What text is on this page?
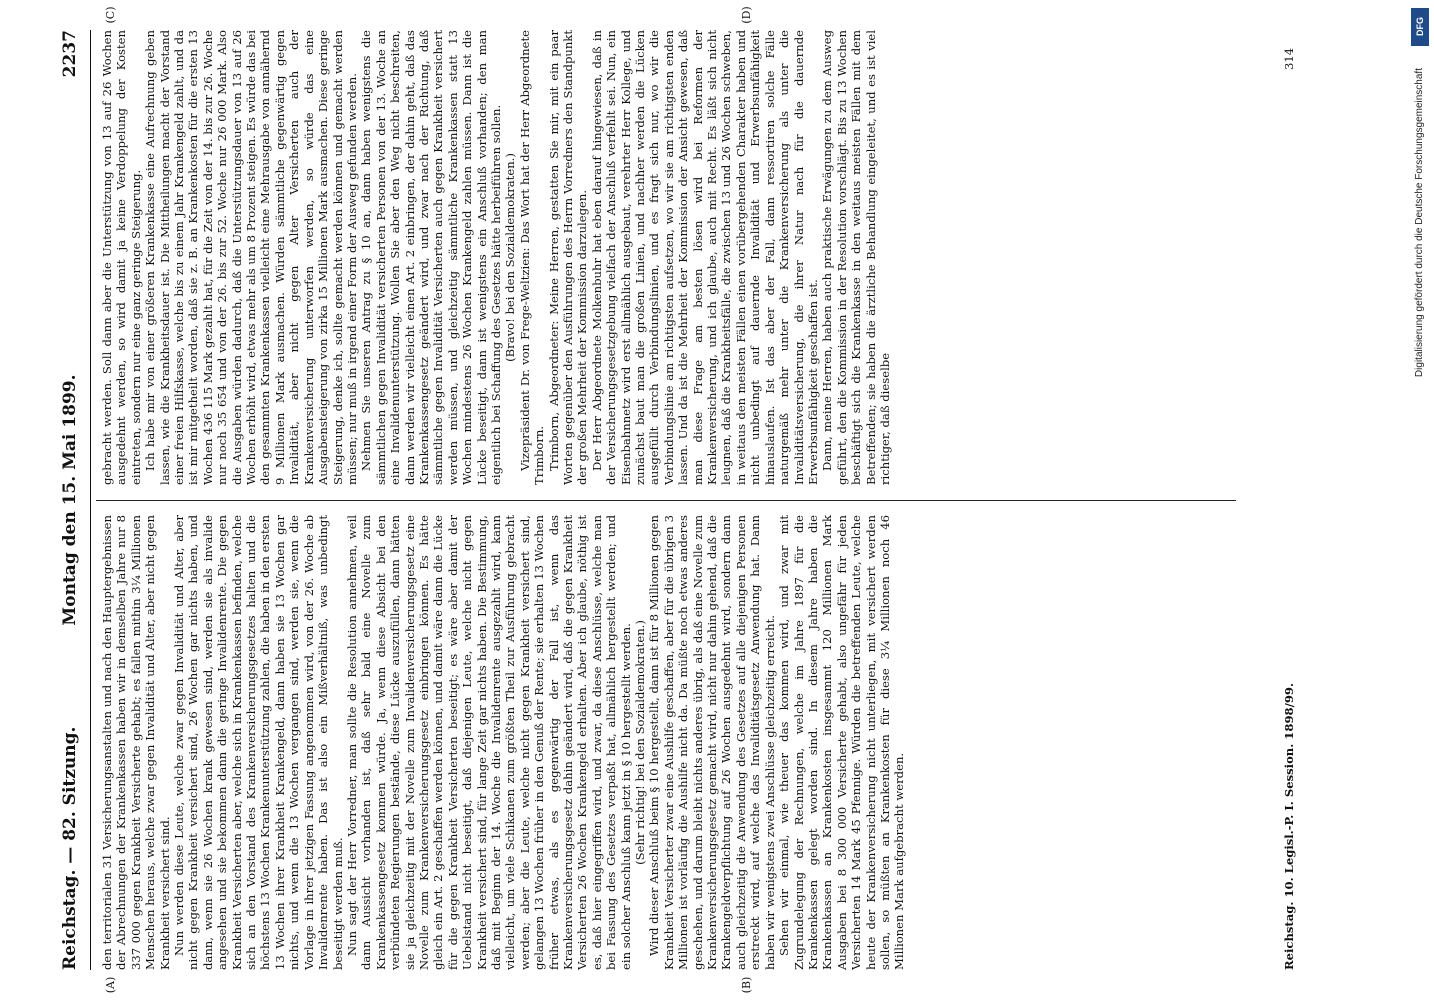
Reichstag. — 82. Sitzung.
Montag den 15. Mai 1899.
2237
(A)	(B)
(C)	(D)

den territorialen 31 Versicherungsanstalten und nach den Hauptergebnissen der Abrechnungen der Krankenkassen haben wir in demselben Jahre nur 8 337 000 gegen Krankheit Versicherte gehabt; es fallen mithin 3¼ Millionen Menschen heraus, welche zwar gegen Invalidität und Alter, aber nicht gegen Krankheit versichert sind. Nun werden diese Leute, welche zwar gegen Invalidität und Alter, aber nicht gegen Krankheit versichert sind, 26 Wochen gar nichts haben, und dann, wenn sie 26 Wochen krank gewesen sind, werden sie als invalide angesehen und sie bekommen dann die geringe Invalidenrente. Die gegen Krankheit Versicherten aber, welche sich in Krankenkassen befinden, welche sich an den Vorstand des Krankenversicherungsgesetzes halten und die höchstens 13 Wochen Krankenunterstützung zahlen, die haben in den ersten 13 Wochen ihrer Krankheit Krankengeld, dann haben sie 13 Wochen gar nichts, und wenn die 13 Wochen vergangen sind, werden sie, wenn die Vorlage in ihrer jetzigen Fassung angenommen wird, von der 26. Woche ab Invalidenrente haben. Das ist also ein Mißverhältniß, was unbedingt beseitigt werden muß. Nun sagt der Herr Vorredner, man sollte die Resolution annehmen, weil dann Aussicht vorhanden ist, daß sehr bald eine Novelle zum Krankenkassengesetz kommen würde. Ja, wenn diese Absicht bei den verbündeten Regierungen bestände, diese Lücke auszufüllen, dann hätten sie ja gleichzeitig mit der Novelle zum Invalidenversicherungsgesetz eine Novelle zum Krankenversicherungsgesetz einbringen können. Es hätte gleich ein Art. 2 geschaffen werden können, und damit wäre dann die Lücke für die gegen Krankheit Versicherten beseitigt; es wäre aber damit der Uebelstand nicht beseitigt, daß diejenigen Leute, welche nicht gegen Krankheit versichert sind, für lange Zeit gar nichts haben. Die Bestimmung, daß mit Beginn der 14. Woche die Invalidenrente ausgezahlt wird, kann vielleicht, um viele Schikanen zum größten Theil zur Ausführung gebracht werden; aber die Leute, welche nicht gegen Krankheit versichert sind, gelangen 13 Wochen früher in den Genuß der Rente; sie erhalten 13 Wochen früher etwas, als es gegenwärtig der Fall ist, wenn das Krankenversicherungsgesetz dahin geändert wird, daß die gegen Krankheit Versicherten 26 Wochen Krankengeld erhalten. Aber ich glaube, nöthig ist es, daß hier eingegriffen wird, und zwar, da diese Anschlüsse, welche man bei Fassung des Gesetzes verpaßt hat, allmählich hergestellt werden; und ein solcher Anschluß kann jetzt in § 10 hergestellt werden. (Sehr richtig! bei den Sozialdemokraten.) Wird dieser Anschluß beim § 10 hergestellt, dann ist für 8 Millionen gegen Krankheit Versicherter zwar eine Aushilfe geschaffen, aber für die übrigen 3 Millionen ist vorläufig die Aushilfe nicht da. Da müßte noch etwas anderes geschehen, und darum bleibt nichts anderes übrig, als daß eine Novelle zum Krankenversicherungsgesetz gemacht wird, nicht nur dahin gehend, daß die Krankengeldverpflichtung auf 26 Wochen ausgedehnt wird, sondern dann auch gleichzeitig die Anwendung des Gesetzes auf alle diejenigen Personen erstreckt wird, auf welche das Invaliditätsgesetz Anwendung hat. Dann haben wir wenigstens zwei Anschlüsse gleichzeitig erreicht. Sehen wir einmal, wie theuer das kommen wird, und zwar mit Zugrundelegung der Rechnungen, welche im Jahre 1897 für die Krankenkassen gelegt worden sind. In diesem Jahre haben die Krankenkassen an Krankenkosten insgesammt 120 Millionen Mark Ausgaben bei 8 300 000 Versicherte gehabt, also ungefähr für jeden Versicherten 14 Mark 45 Pfennige. Würden die betreffenden Leute, welche heute der Krankenversicherung nicht unterliegen, mit versichert werden sollen, so müßten an Krankenkosten für diese 3¼ Millionen noch 46 Millionen Mark aufgebracht werden.

gebracht werden. Soll dann aber die Unterstützung von 13 auf 26 Wochen ausgedehnt werden, so wird damit ja keine Verdoppelung der Kosten eintreten, sondern nur eine ganz geringe Steigerung. Ich habe mir von einer größeren Krankenkasse eine Aufrechnung geben lassen, wie die Krankheitsdauer ist. Die Mittheilungen macht der Vorstand einer freien Hilfskasse, welche bis zu einem Jahr Krankengeld zahlt, und da ist mir mitgetheilt worden, daß sie z. B. an Krankenkosten für die ersten 13 Wochen 436 115 Mark gezahlt hat, für die Zeit von der 14. bis zur 26. Woche nur noch 35 654 und von der 26. bis zur 52. Woche nur 26 000 Mark. Also die Ausgaben würden dadurch, daß die Unterstützungsdauer von 13 auf 26 Wochen erhöht wird, etwas mehr als um 8 Prozent steigen. Es würde das bei den gesammten Krankenkassen vielleicht eine Mehrausgabe von annähernd 9 Millionen Mark ausmachen. Würden sämmtliche gegenwärtig gegen Invalidität, aber nicht gegen Alter Versicherten auch der Krankenversicherung unterworfen werden, so würde das eine Ausgabensteigerung von zirka 15 Millionen Mark ausmachen. Diese geringe Steigerung, denke ich, sollte gemacht werden können und gemacht werden müssen; nur muß in irgend einer Form der Ausweg gefunden werden. Nehmen Sie unseren Antrag zu § 10 an, dann haben wenigstens die sämmtlichen gegen Invalidität versicherten Personen von der 13. Woche an eine Invalidenunterstützung. Wollen Sie aber den Weg nicht beschreiten, dann werden wir vielleicht einen Art. 2 einbringen, der dahin geht, daß das Krankenkassengesetz geändert wird, und zwar nach der Richtung, daß sämmtliche gegen Invalidität Versicherten auch gegen Krankheit versichert werden müssen, und gleichzeitig sämmtliche Krankenkassen statt 13 Wochen mindestens 26 Wochen Krankengeld zahlen müssen. Dann ist die Lücke beseitigt, dann ist wenigstens ein Anschluß vorhanden; den man eigentlich bei Schaffung des Gesetzes hätte herbeiführen sollen. (Bravo! bei den Sozialdemokraten.) Vizepräsident Dr. von Frege-Weltzien: Das Wort hat der Herr Abgeordnete Trimborn. Trimborn, Abgeordneter: Meine Herren, gestatten Sie mir, mit ein paar Worten gegenüber den Ausführungen des Herrn Vorredners den Standpunkt der großen Mehrheit der Kommission darzulegen. Der Herr Abgeordnete Molkenbuhr hat eben darauf hingewiesen, daß in der Versicherungsgesetzgebung vielfach der Anschluß verfehlt sei. Nun, ein Eisenbahnnetz wird erst allmählich ausgebaut, verehrter Herr Kollege, und zunächst baut man die großen Linien, und nachher werden die Lücken ausgefüllt durch Verbindungslinien, und es fragt sich nur, wo wir die Verbindungslinie am richtigsten aufsetzen, wo wir sie am richtigsten enden lassen. Und da ist die Mehrheit der Kommission der Ansicht gewesen, daß man diese Frage am besten lösen wird bei Reformen der Krankenversicherung, und ich glaube, auch mit Recht. Es läßt sich nicht leugnen, daß die Krankheitsfälle, die zwischen 13 und 26 Wochen schweben, in weitaus den meisten Fällen einen vorübergehenden Charakter haben und nicht unbedingt auf dauernde Invalidität und Erwerbsunfähigkeit hinauslaufen. Ist das aber der Fall, dann ressortiren solche Fälle naturgemäß mehr unter die Krankenversicherung als unter die Invaliditätsversicherung, die ihrer Natur nach für die dauernde Erwerbsunfähigkeit geschaffen ist. Dann, meine Herren, haben auch praktische Erwägungen zu dem Ausweg geführt, den die Kommission in der Resolution vorschlägt. Bis zu 13 Wochen beschäftigt sich die Krankenkasse in den weitaus meisten Fällen mit dem Betreffenden; sie haben die ärztliche Behandlung eingeleitet, und es ist viel richtiger, daß dieselbe

Reichstag. 10. Legisl.-P. I. Session. 1898/99.
314
Digitalisierung gefördert durch die Deutsche Forschungsgemeinschaft
DFG
